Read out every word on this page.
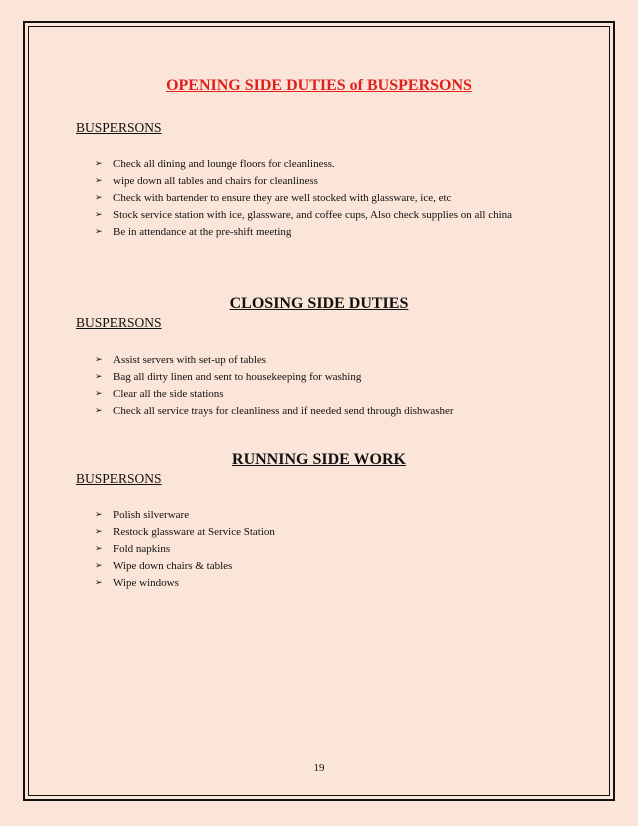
OPENING SIDE DUTIES of BUSPERSONS

BUSPERSONS

➢ Check all dining and lounge floors for cleanliness.
➢ wipe down all tables and chairs for cleanliness
➢ Check with bartender to ensure they are well stocked with glassware, ice, etc
➢ Stock service station with ice, glassware, and coffee cups, Also check supplies on all china
➢ Be in attendance at the pre-shift meeting
CLOSING SIDE DUTIES

BUSPERSONS

➢ Assist servers with set-up of tables
➢ Bag all dirty linen and sent to housekeeping for washing
➢ Clear all the side stations
➢ Check all service trays for cleanliness and if needed send through dishwasher
RUNNING SIDE WORK

BUSPERSONS

➢ Polish silverware
➢ Restock glassware at Service Station
➢ Fold napkins
➢ Wipe down chairs & tables
➢ Wipe windows

19
